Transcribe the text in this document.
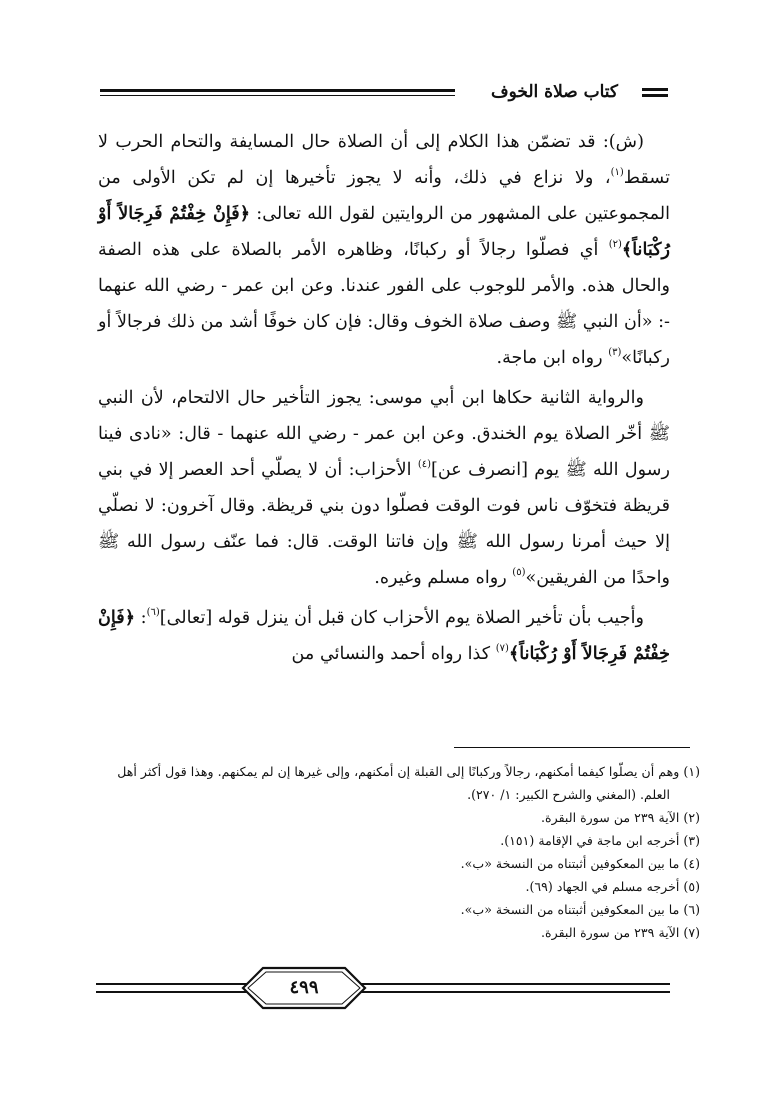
كتاب صلاة الخوف

(ش): قد تضمّن هذا الكلام إلى أن الصلاة حال المسايفة والتحام الحرب لا تسقط$^{(١)}$، ولا نزاع في ذلك، وأنه لا يجوز تأخيرها إن لم تكن الأولى من المجموعتين على المشهور من الروايتين لقول الله تعالى: ﴿فَإِنْ خِفْتُمْ فَرِجَالاً أَوْ رُكْبَاناً﴾$^{(٢)}$ أي فصلّوا رجالاً أو ركبانًا، وظاهره الأمر بالصلاة على هذه الصفة والحال هذه. والأمر للوجوب على الفور عندنا. وعن ابن عمر - رضي الله عنهما -: «أن النبي ﷺ وصف صلاة الخوف وقال: فإن كان خوفًا أشد من ذلك فرجالاً أو ركبانًا»$^{(٣)}$ رواه ابن ماجة.

والرواية الثانية حكاها ابن أبي موسى: يجوز التأخير حال الالتحام، لأن النبي ﷺ أخّر الصلاة يوم الخندق. وعن ابن عمر - رضي الله عنهما - قال: «نادى فينا رسول الله ﷺ يوم [انصرف عن]$^{(٤)}$ الأحزاب: أن لا يصلّي أحد العصر إلا في بني قريظة فتخوّف ناس فوت الوقت فصلّوا دون بني قريظة. وقال آخرون: لا نصلّي إلا حيث أمرنا رسول الله ﷺ وإن فاتنا الوقت. قال: فما عنّف رسول الله ﷺ واحدًا من الفريقين»$^{(٥)}$ رواه مسلم وغيره.

وأجيب بأن تأخير الصلاة يوم الأحزاب كان قبل أن ينزل قوله [تعالى]$^{(٦)}$: ﴿فَإِنْ خِفْتُمْ فَرِجَالاً أَوْ رُكْبَاناً﴾$^{(٧)}$ كذا رواه أحمد والنسائي من

(١) وهم أن يصلّوا كيفما أمكنهم، رجالاً وركبانًا إلى القبلة إن أمكنهم، وإلى غيرها إن لم يمكنهم. وهذا قول أكثر أهل العلم. (المغني والشرح الكبير: ١/ ٢٧٠).

(٢) الآية ٢٣٩ من سورة البقرة.

(٣) أخرجه ابن ماجة في الإقامة (١٥١).

(٤) ما بين المعكوفين أثبتناه من النسخة «ب».

(٥) أخرجه مسلم في الجهاد (٦٩).

(٦) ما بين المعكوفين أثبتناه من النسخة «ب».

(٧) الآية ٢٣٩ من سورة البقرة.

٤٩٩
